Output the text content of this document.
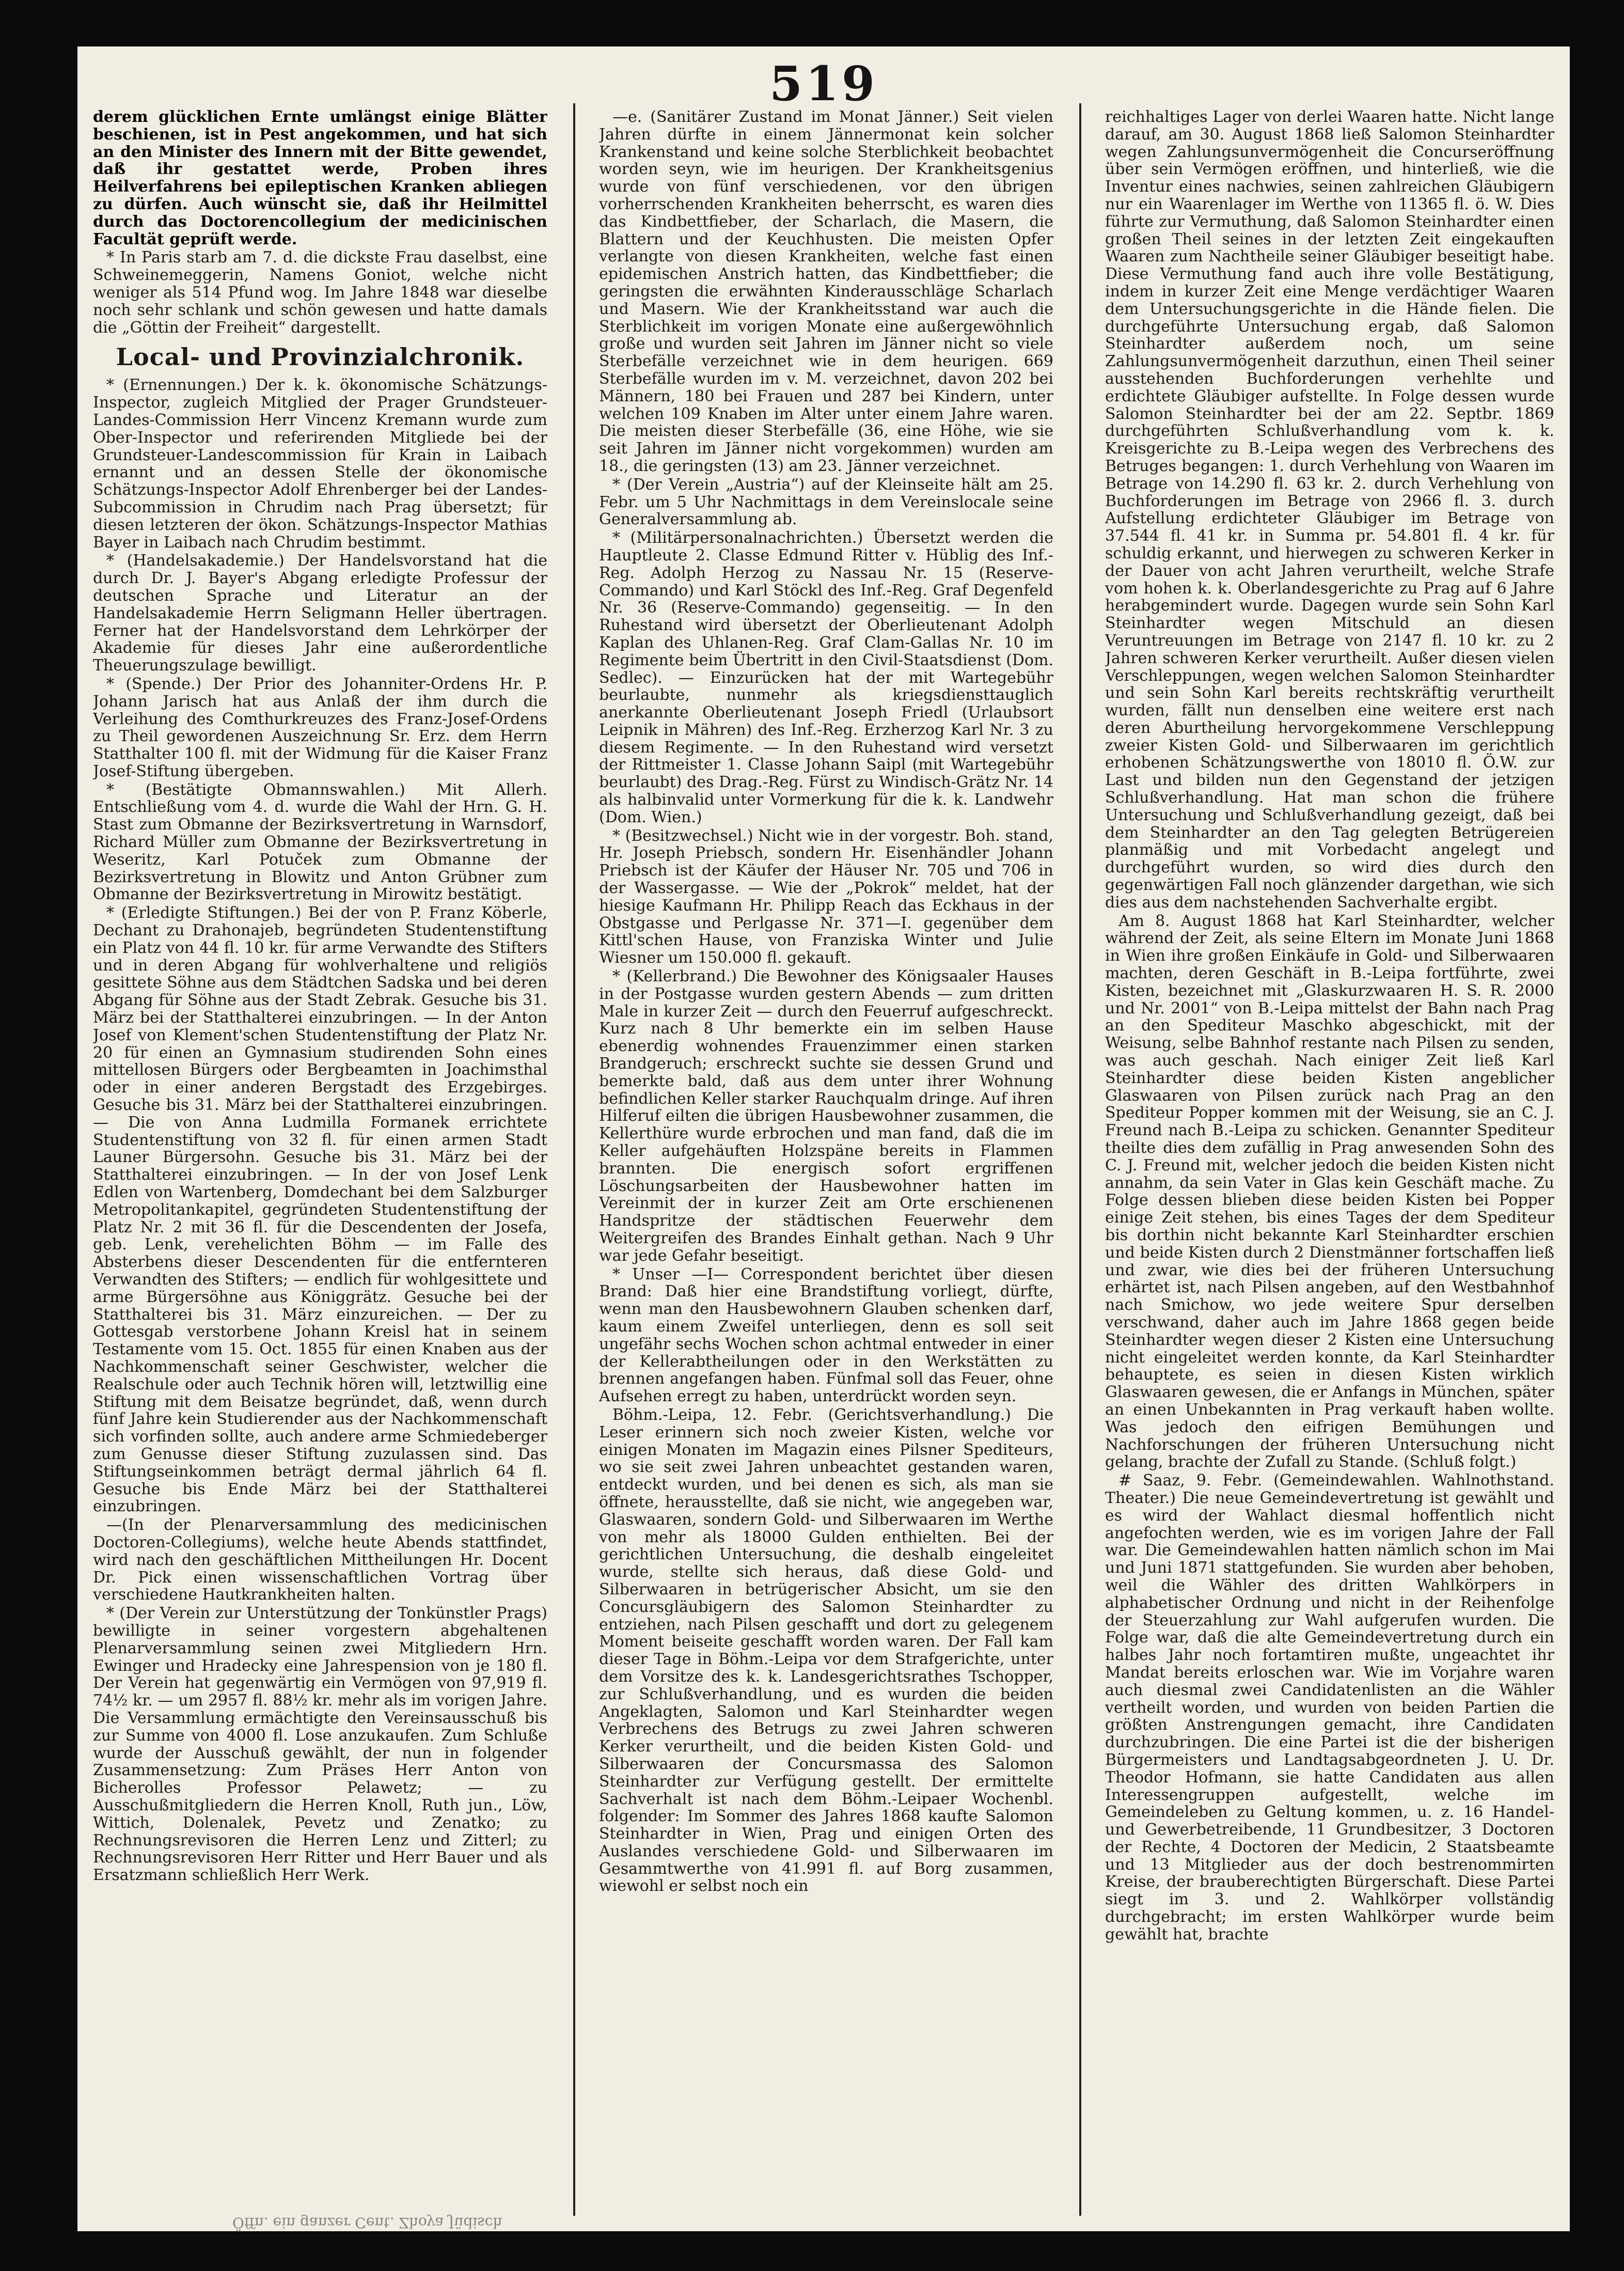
519

derem glücklichen Ernte umlängst einige Blätter beschienen, ist in Pest angekommen, und hat sich an den Minister des Innern mit der Bitte gewendet, daß ihr gestattet werde, Proben ihres Heilverfahrens bei epileptischen Kranken abliegen zu dürfen. Auch wünscht sie, daß ihr Heilmittel durch das Doctorencollegium der medicinischen Facultät geprüft werde.

* In Paris starb am 7. d. die dickste Frau daselbst, eine Schweinemeggerin, Namens Goniot, welche nicht weniger als 514 Pfund wog. Im Jahre 1848 war dieselbe noch sehr schlank und schön gewesen und hatte damals die „Göttin der Freiheit“ dargestellt.

Local- und Provinzialchronik.

* (Ernennungen.) Der k. k. ökonomische Schätzungs-Inspector, zugleich Mitglied der Prager Grundsteuer-Landes-Commission Herr Vincenz Kremann wurde zum Ober-Inspector und referirenden Mitgliede bei der Grundsteuer-Landescommission für Krain in Laibach ernannt und an dessen Stelle der ökonomische Schätzungs-Inspector Adolf Ehrenberger bei der Landes-Subcommission in Chrudim nach Prag übersetzt; für diesen letzteren der ökon. Schätzungs-Inspector Mathias Bayer in Laibach nach Chrudim bestimmt.

* (Handelsakademie.) Der Handelsvorstand hat die durch Dr. J. Bayer's Abgang erledigte Professur der deutschen Sprache und Literatur an der Handelsakademie Herrn Seligmann Heller übertragen. Ferner hat der Handelsvorstand dem Lehrkörper der Akademie für dieses Jahr eine außerordentliche Theuerungszulage bewilligt.

* (Spende.) Der Prior des Johanniter-Ordens Hr. P. Johann Jarisch hat aus Anlaß der ihm durch die Verleihung des Comthurkreuzes des Franz-Josef-Ordens zu Theil gewordenen Auszeichnung Sr. Erz. dem Herrn Statthalter 100 fl. mit der Widmung für die Kaiser Franz Josef-Stiftung übergeben.

* (Bestätigte Obmannswahlen.) Mit Allerh. Entschließung vom 4. d. wurde die Wahl der Hrn. G. H. Stast zum Obmanne der Bezirksvertretung in Warnsdorf, Richard Müller zum Obmanne der Bezirksvertretung in Weseritz, Karl Potuček zum Obmanne der Bezirksvertretung in Blowitz und Anton Grübner zum Obmanne der Bezirksvertretung in Mirowitz bestätigt.

* (Erledigte Stiftungen.) Bei der von P. Franz Köberle, Dechant zu Drahonajeb, begründeten Studentenstiftung ein Platz von 44 fl. 10 kr. für arme Verwandte des Stifters und in deren Abgang für wohlverhaltene und religiös gesittete Söhne aus dem Städtchen Sadska und bei deren Abgang für Söhne aus der Stadt Zebrak. Gesuche bis 31. März bei der Statthalterei einzubringen. — In der Anton Josef von Klement'schen Studentenstiftung der Platz Nr. 20 für einen an Gymnasium studirenden Sohn eines mittellosen Bürgers oder Bergbeamten in Joachimsthal oder in einer anderen Bergstadt des Erzgebirges. Gesuche bis 31. März bei der Statthalterei einzubringen. — Die von Anna Ludmilla Formanek errichtete Studentenstiftung von 32 fl. für einen armen Stadt Launer Bürgersohn. Gesuche bis 31. März bei der Statthalterei einzubringen. — In der von Josef Lenk Edlen von Wartenberg, Domdechant bei dem Salzburger Metropolitankapitel, gegründeten Studentenstiftung der Platz Nr. 2 mit 36 fl. für die Descendenten der Josefa, geb. Lenk, verehelichten Böhm — im Falle des Absterbens dieser Descendenten für die entfernteren Verwandten des Stifters; — endlich für wohlgesittete und arme Bürgersöhne aus Königgrätz. Gesuche bei der Statthalterei bis 31. März einzureichen. — Der zu Gottesgab verstorbene Johann Kreisl hat in seinem Testamente vom 15. Oct. 1855 für einen Knaben aus der Nachkommenschaft seiner Geschwister, welcher die Realschule oder auch Technik hören will, letztwillig eine Stiftung mit dem Beisatze begründet, daß, wenn durch fünf Jahre kein Studierender aus der Nachkommenschaft sich vorfinden sollte, auch andere arme Schmiedeberger zum Genusse dieser Stiftung zuzulassen sind. Das Stiftungseinkommen beträgt dermal jährlich 64 fl. Gesuche bis Ende März bei der Statthalterei einzubringen.

—(In der Plenarversammlung des medicinischen Doctoren-Collegiums), welche heute Abends stattfindet, wird nach den geschäftlichen Mittheilungen Hr. Docent Dr. Pick einen wissenschaftlichen Vortrag über verschiedene Hautkrankheiten halten.

* (Der Verein zur Unterstützung der Tonkünstler Prags) bewilligte in seiner vorgestern abgehaltenen Plenarversammlung seinen zwei Mitgliedern Hrn. Ewinger und Hradecky eine Jahrespension von je 180 fl. Der Verein hat gegenwärtig ein Vermögen von 97,919 fl. 74½ kr. — um 2957 fl. 88½ kr. mehr als im vorigen Jahre. Die Versammlung ermächtigte den Vereinsausschuß bis zur Summe von 4000 fl. Lose anzukaufen. Zum Schluße wurde der Ausschuß gewählt, der nun in folgender Zusammensetzung: Zum Präses Herr Anton von Bicherolles Professor Pelawetz; — zu Ausschußmitgliedern die Herren Knoll, Ruth jun., Löw, Wittich, Dolenalek, Pevetz und Zenatko; zu Rechnungsrevisoren die Herren Lenz und Zitterl; zu Rechnungsrevisoren Herr Ritter und Herr Bauer und als Ersatzmann schließlich Herr Werk.

—e. (Sanitärer Zustand im Monat Jänner.) Seit vielen Jahren dürfte in einem Jännermonat kein solcher Krankenstand und keine solche Sterblichkeit beobachtet worden seyn, wie im heurigen. Der Krankheitsgenius wurde von fünf verschiedenen, vor den übrigen vorherrschenden Krankheiten beherrscht, es waren dies das Kindbettfieber, der Scharlach, die Masern, die Blattern und der Keuchhusten. Die meisten Opfer verlangte von diesen Krankheiten, welche fast einen epidemischen Anstrich hatten, das Kindbettfieber; die geringsten die erwähnten Kinderausschläge Scharlach und Masern. Wie der Krankheitsstand war auch die Sterblichkeit im vorigen Monate eine außergewöhnlich große und wurden seit Jahren im Jänner nicht so viele Sterbefälle verzeichnet wie in dem heurigen. 669 Sterbefälle wurden im v. M. verzeichnet, davon 202 bei Männern, 180 bei Frauen und 287 bei Kindern, unter welchen 109 Knaben im Alter unter einem Jahre waren. Die meisten dieser Sterbefälle (36, eine Höhe, wie sie seit Jahren im Jänner nicht vorgekommen) wurden am 18., die geringsten (13) am 23. Jänner verzeichnet.

* (Der Verein „Austria“) auf der Kleinseite hält am 25. Febr. um 5 Uhr Nachmittags in dem Vereinslocale seine Generalversammlung ab.

* (Militärpersonalnachrichten.) Übersetzt werden die Hauptleute 2. Classe Edmund Ritter v. Hüblig des Inf.-Reg. Adolph Herzog zu Nassau Nr. 15 (Reserve-Commando) und Karl Stöckl des Inf.-Reg. Graf Degenfeld Nr. 36 (Reserve-Commando) gegenseitig. — In den Ruhestand wird übersetzt der Oberlieutenant Adolph Kaplan des Uhlanen-Reg. Graf Clam-Gallas Nr. 10 im Regimente beim Übertritt in den Civil-Staatsdienst (Dom. Sedlec). — Einzurücken hat der mit Wartegebühr beurlaubte, nunmehr als kriegsdiensttauglich anerkannte Oberlieutenant Joseph Friedl (Urlaubsort Leipnik in Mähren) des Inf.-Reg. Erzherzog Karl Nr. 3 zu diesem Regimente. — In den Ruhestand wird versetzt der Rittmeister 1. Classe Johann Saipl (mit Wartegebühr beurlaubt) des Drag.-Reg. Fürst zu Windisch-Grätz Nr. 14 als halbinvalid unter Vormerkung für die k. k. Landwehr (Dom. Wien.)

* (Besitzwechsel.) Nicht wie in der vorgestr. Boh. stand, Hr. Joseph Priebsch, sondern Hr. Eisenhändler Johann Priebsch ist der Käufer der Häuser Nr. 705 und 706 in der Wassergasse. — Wie der „Pokrok“ meldet, hat der hiesige Kaufmann Hr. Philipp Reach das Eckhaus in der Obstgasse und Perlgasse Nr. 371—I. gegenüber dem Kittl'schen Hause, von Franziska Winter und Julie Wiesner um 150.000 fl. gekauft.

* (Kellerbrand.) Die Bewohner des Königsaaler Hauses in der Postgasse wurden gestern Abends — zum dritten Male in kurzer Zeit — durch den Feuerruf aufgeschreckt. Kurz nach 8 Uhr bemerkte ein im selben Hause ebenerdig wohnendes Frauenzimmer einen starken Brandgeruch; erschreckt suchte sie dessen Grund und bemerkte bald, daß aus dem unter ihrer Wohnung befindlichen Keller starker Rauchqualm dringe. Auf ihren Hilferuf eilten die übrigen Hausbewohner zusammen, die Kellerthüre wurde erbrochen und man fand, daß die im Keller aufgehäuften Holzspäne bereits in Flammen brannten. Die energisch sofort ergriffenen Löschungsarbeiten der Hausbewohner hatten im Vereinmit der in kurzer Zeit am Orte erschienenen Handspritze der städtischen Feuerwehr dem Weitergreifen des Brandes Einhalt gethan. Nach 9 Uhr war jede Gefahr beseitigt.

* Unser —I— Correspondent berichtet über diesen Brand: Daß hier eine Brandstiftung vorliegt, dürfte, wenn man den Hausbewohnern Glauben schenken darf, kaum einem Zweifel unterliegen, denn es soll seit ungefähr sechs Wochen schon achtmal entweder in einer der Kellerabtheilungen oder in den Werkstätten zu brennen angefangen haben. Fünfmal soll das Feuer, ohne Aufsehen erregt zu haben, unterdrückt worden seyn.

Böhm.-Leipa, 12. Febr. (Gerichtsverhandlung.) Die Leser erinnern sich noch zweier Kisten, welche vor einigen Monaten im Magazin eines Pilsner Spediteurs, wo sie seit zwei Jahren unbeachtet gestanden waren, entdeckt wurden, und bei denen es sich, als man sie öffnete, herausstellte, daß sie nicht, wie angegeben war, Glaswaaren, sondern Gold- und Silberwaaren im Werthe von mehr als 18000 Gulden enthielten. Bei der gerichtlichen Untersuchung, die deshalb eingeleitet wurde, stellte sich heraus, daß diese Gold- und Silberwaaren in betrügerischer Absicht, um sie den Concursgläubigern des Salomon Steinhardter zu entziehen, nach Pilsen geschafft und dort zu gelegenem Moment beiseite geschafft worden waren. Der Fall kam dieser Tage in Böhm.-Leipa vor dem Strafgerichte, unter dem Vorsitze des k. k. Landesgerichtsrathes Tschopper, zur Schlußverhandlung, und es wurden die beiden Angeklagten, Salomon und Karl Steinhardter wegen Verbrechens des Betrugs zu zwei Jahren schweren Kerker verurtheilt, und die beiden Kisten Gold- und Silberwaaren der Concursmassa des Salomon Steinhardter zur Verfügung gestellt. Der ermittelte Sachverhalt ist nach dem Böhm.-Leipaer Wochenbl. folgender: Im Sommer des Jahres 1868 kaufte Salomon Steinhardter in Wien, Prag und einigen Orten des Auslandes verschiedene Gold- und Silberwaaren im Gesammtwerthe von 41.991 fl. auf Borg zusammen, wiewohl er selbst noch ein

reichhaltiges Lager von derlei Waaren hatte. Nicht lange darauf, am 30. August 1868 ließ Salomon Steinhardter wegen Zahlungsunvermögenheit die Concurseröffnung über sein Vermögen eröffnen, und hinterließ, wie die Inventur eines nachwies, seinen zahlreichen Gläubigern nur ein Waarenlager im Werthe von 11365 fl. ö. W. Dies führte zur Vermuthung, daß Salomon Steinhardter einen großen Theil seines in der letzten Zeit eingekauften Waaren zum Nachtheile seiner Gläubiger beseitigt habe. Diese Vermuthung fand auch ihre volle Bestätigung, indem in kurzer Zeit eine Menge verdächtiger Waaren dem Untersuchungsgerichte in die Hände fielen. Die durchgeführte Untersuchung ergab, daß Salomon Steinhardter außerdem noch, um seine Zahlungsunvermögenheit darzuthun, einen Theil seiner ausstehenden Buchforderungen verhehlte und erdichtete Gläubiger aufstellte. In Folge dessen wurde Salomon Steinhardter bei der am 22. Septbr. 1869 durchgeführten Schlußverhandlung vom k. k. Kreisgerichte zu B.-Leipa wegen des Verbrechens des Betruges begangen: 1. durch Verhehlung von Waaren im Betrage von 14.290 fl. 63 kr. 2. durch Verhehlung von Buchforderungen im Betrage von 2966 fl. 3. durch Aufstellung erdichteter Gläubiger im Betrage von 37.544 fl. 41 kr. in Summa pr. 54.801 fl. 4 kr. für schuldig erkannt, und hierwegen zu schweren Kerker in der Dauer von acht Jahren verurtheilt, welche Strafe vom hohen k. k. Oberlandesgerichte zu Prag auf 6 Jahre herabgemindert wurde. Dagegen wurde sein Sohn Karl Steinhardter wegen Mitschuld an diesen Veruntreuungen im Betrage von 2147 fl. 10 kr. zu 2 Jahren schweren Kerker verurtheilt. Außer diesen vielen Verschleppungen, wegen welchen Salomon Steinhardter und sein Sohn Karl bereits rechtskräftig verurtheilt wurden, fällt nun denselben eine weitere erst nach deren Aburtheilung hervorgekommene Verschleppung zweier Kisten Gold- und Silberwaaren im gerichtlich erhobenen Schätzungswerthe von 18010 fl. Ö.W. zur Last und bilden nun den Gegenstand der jetzigen Schlußverhandlung. Hat man schon die frühere Untersuchung und Schlußverhandlung gezeigt, daß bei dem Steinhardter an den Tag gelegten Betrügereien planmäßig und mit Vorbedacht angelegt und durchgeführt wurden, so wird dies durch den gegenwärtigen Fall noch glänzender dargethan, wie sich dies aus dem nachstehenden Sachverhalte ergibt.

Am 8. August 1868 hat Karl Steinhardter, welcher während der Zeit, als seine Eltern im Monate Juni 1868 in Wien ihre großen Einkäufe in Gold- und Silberwaaren machten, deren Geschäft in B.-Leipa fortführte, zwei Kisten, bezeichnet mit „Glaskurzwaaren H. S. R. 2000 und Nr. 2001“ von B.-Leipa mittelst der Bahn nach Prag an den Spediteur Maschko abgeschickt, mit der Weisung, selbe Bahnhof restante nach Pilsen zu senden, was auch geschah. Nach einiger Zeit ließ Karl Steinhardter diese beiden Kisten angeblicher Glaswaaren von Pilsen zurück nach Prag an den Spediteur Popper kommen mit der Weisung, sie an C. J. Freund nach B.-Leipa zu schicken. Genannter Spediteur theilte dies dem zufällig in Prag anwesenden Sohn des C. J. Freund mit, welcher jedoch die beiden Kisten nicht annahm, da sein Vater in Glas kein Geschäft mache. Zu Folge dessen blieben diese beiden Kisten bei Popper einige Zeit stehen, bis eines Tages der dem Spediteur bis dorthin nicht bekannte Karl Steinhardter erschien und beide Kisten durch 2 Dienstmänner fortschaffen ließ und zwar, wie dies bei der früheren Untersuchung erhärtet ist, nach Pilsen angeben, auf den Westbahnhof nach Smichow, wo jede weitere Spur derselben verschwand, daher auch im Jahre 1868 gegen beide Steinhardter wegen dieser 2 Kisten eine Untersuchung nicht eingeleitet werden konnte, da Karl Steinhardter behauptete, es seien in diesen Kisten wirklich Glaswaaren gewesen, die er Anfangs in München, später an einen Unbekannten in Prag verkauft haben wollte. Was jedoch den eifrigen Bemühungen und Nachforschungen der früheren Untersuchung nicht gelang, brachte der Zufall zu Stande. (Schluß folgt.)

# Saaz, 9. Febr. (Gemeindewahlen. Wahlnothstand. Theater.) Die neue Gemeindevertretung ist gewählt und es wird der Wahlact diesmal hoffentlich nicht angefochten werden, wie es im vorigen Jahre der Fall war. Die Gemeindewahlen hatten nämlich schon im Mai und Juni 1871 stattgefunden. Sie wurden aber behoben, weil die Wähler des dritten Wahlkörpers in alphabetischer Ordnung und nicht in der Reihenfolge der Steuerzahlung zur Wahl aufgerufen wurden. Die Folge war, daß die alte Gemeindevertretung durch ein halbes Jahr noch fortamtiren mußte, ungeachtet ihr Mandat bereits erloschen war. Wie im Vorjahre waren auch diesmal zwei Candidatenlisten an die Wähler vertheilt worden, und wurden von beiden Partien die größten Anstrengungen gemacht, ihre Candidaten durchzubringen. Die eine Partei ist die der bisherigen Bürgermeisters und Landtagsabgeordneten J. U. Dr. Theodor Hofmann, sie hatte Candidaten aus allen Interessengruppen aufgestellt, welche im Gemeindeleben zu Geltung kommen, u. z. 16 Handel- und Gewerbetreibende, 11 Grundbesitzer, 3 Doctoren der Rechte, 4 Doctoren der Medicin, 2 Staatsbeamte und 13 Mitglieder aus der doch bestrenommirten Kreise, der brauberechtigten Bürgerschaft. Diese Partei siegt im 3. und 2. Wahlkörper vollständig durchgebracht; im ersten Wahlkörper wurde beim gewählt hat, brachte

Öffn. ein ganzer Cent. Zhoya Jüdisch
